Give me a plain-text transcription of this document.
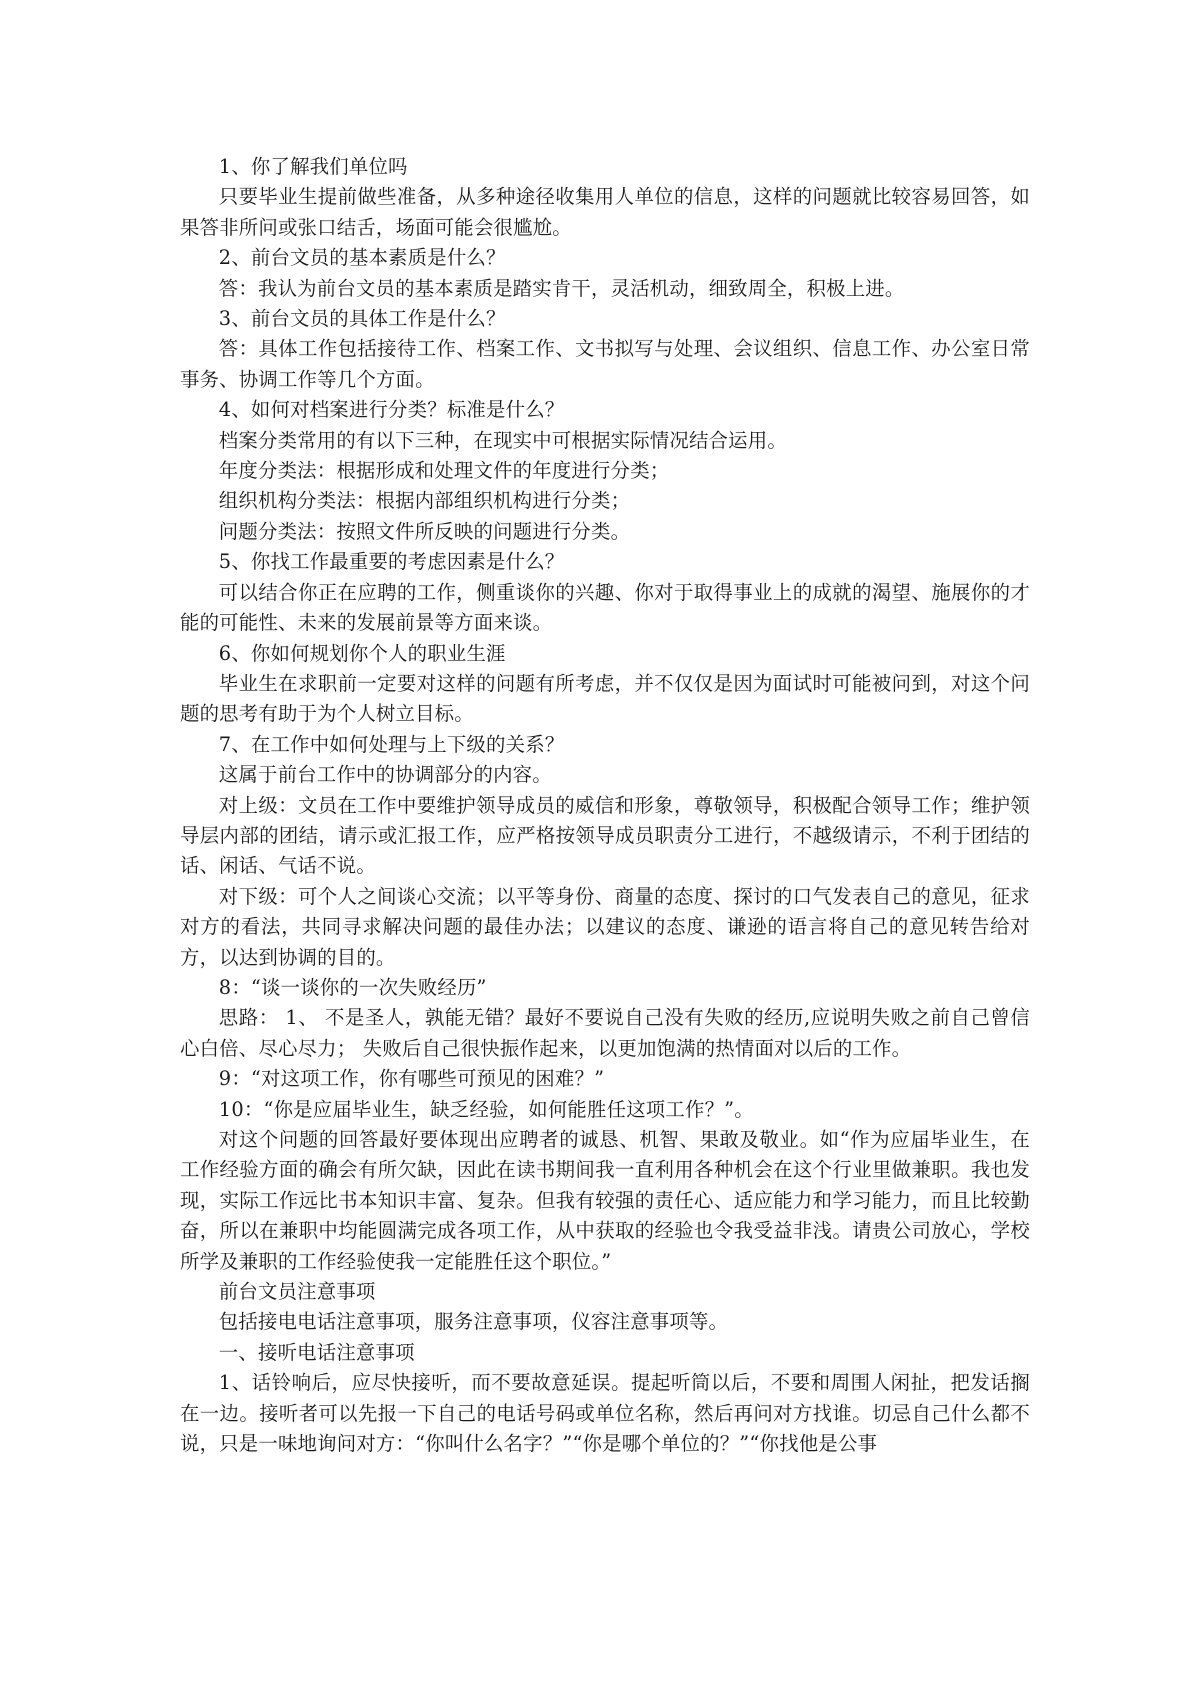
1、你了解我们单位吗

只要毕业生提前做些准备，从多种途径收集用人单位的信息，这样的问题就比较容易回答，如果答非所问或张口结舌，场面可能会很尴尬。

2、前台文员的基本素质是什么？

答：我认为前台文员的基本素质是踏实肯干，灵活机动，细致周全，积极上进。

3、前台文员的具体工作是什么？

答：具体工作包括接待工作、档案工作、文书拟写与处理、会议组织、信息工作、办公室日常事务、协调工作等几个方面。

4、如何对档案进行分类？标准是什么？

档案分类常用的有以下三种，在现实中可根据实际情况结合运用。

年度分类法：根据形成和处理文件的年度进行分类；

组织机构分类法：根据内部组织机构进行分类；

问题分类法：按照文件所反映的问题进行分类。

5、你找工作最重要的考虑因素是什么？

可以结合你正在应聘的工作，侧重谈你的兴趣、你对于取得事业上的成就的渴望、施展你的才能的可能性、未来的发展前景等方面来谈。

6、你如何规划你个人的职业生涯

毕业生在求职前一定要对这样的问题有所考虑，并不仅仅是因为面试时可能被问到，对这个问题的思考有助于为个人树立目标。

7、在工作中如何处理与上下级的关系？

这属于前台工作中的协调部分的内容。

对上级：文员在工作中要维护领导成员的威信和形象，尊敬领导，积极配合领导工作；维护领导层内部的团结，请示或汇报工作，应严格按领导成员职责分工进行，不越级请示，不利于团结的话、闲话、气话不说。

对下级：可个人之间谈心交流；以平等身份、商量的态度、探讨的口气发表自己的意见，征求对方的看法，共同寻求解决问题的最佳办法；以建议的态度、谦逊的语言将自己的意见转告给对方，以达到协调的目的。

8：“谈一谈你的一次失败经历”

思路： 1、 不是圣人，孰能无错？最好不要说自己没有失败的经历,应说明失败之前自己曾信心白倍、尽心尽力； 失败后自己很快振作起来，以更加饱满的热情面对以后的工作。

9：“对这项工作，你有哪些可预见的困难？”

10：“你是应届毕业生，缺乏经验，如何能胜任这项工作？”。

对这个问题的回答最好要体现出应聘者的诚恳、机智、果敢及敬业。如“作为应届毕业生，在工作经验方面的确会有所欠缺，因此在读书期间我一直利用各种机会在这个行业里做兼职。我也发现，实际工作远比书本知识丰富、复杂。但我有较强的责任心、适应能力和学习能力，而且比较勤奋，所以在兼职中均能圆满完成各项工作，从中获取的经验也令我受益非浅。请贵公司放心，学校所学及兼职的工作经验使我一定能胜任这个职位。”

前台文员注意事项

包括接电电话注意事项，服务注意事项，仪容注意事项等。

一、接听电话注意事项

1、话铃响后，应尽快接听，而不要故意延误。提起听筒以后，不要和周围人闲扯，把发话搁在一边。接听者可以先报一下自己的电话号码或单位名称，然后再问对方找谁。切忌自己什么都不说，只是一味地询问对方：“你叫什么名字？”“你是哪个单位的？”“你找他是公事
